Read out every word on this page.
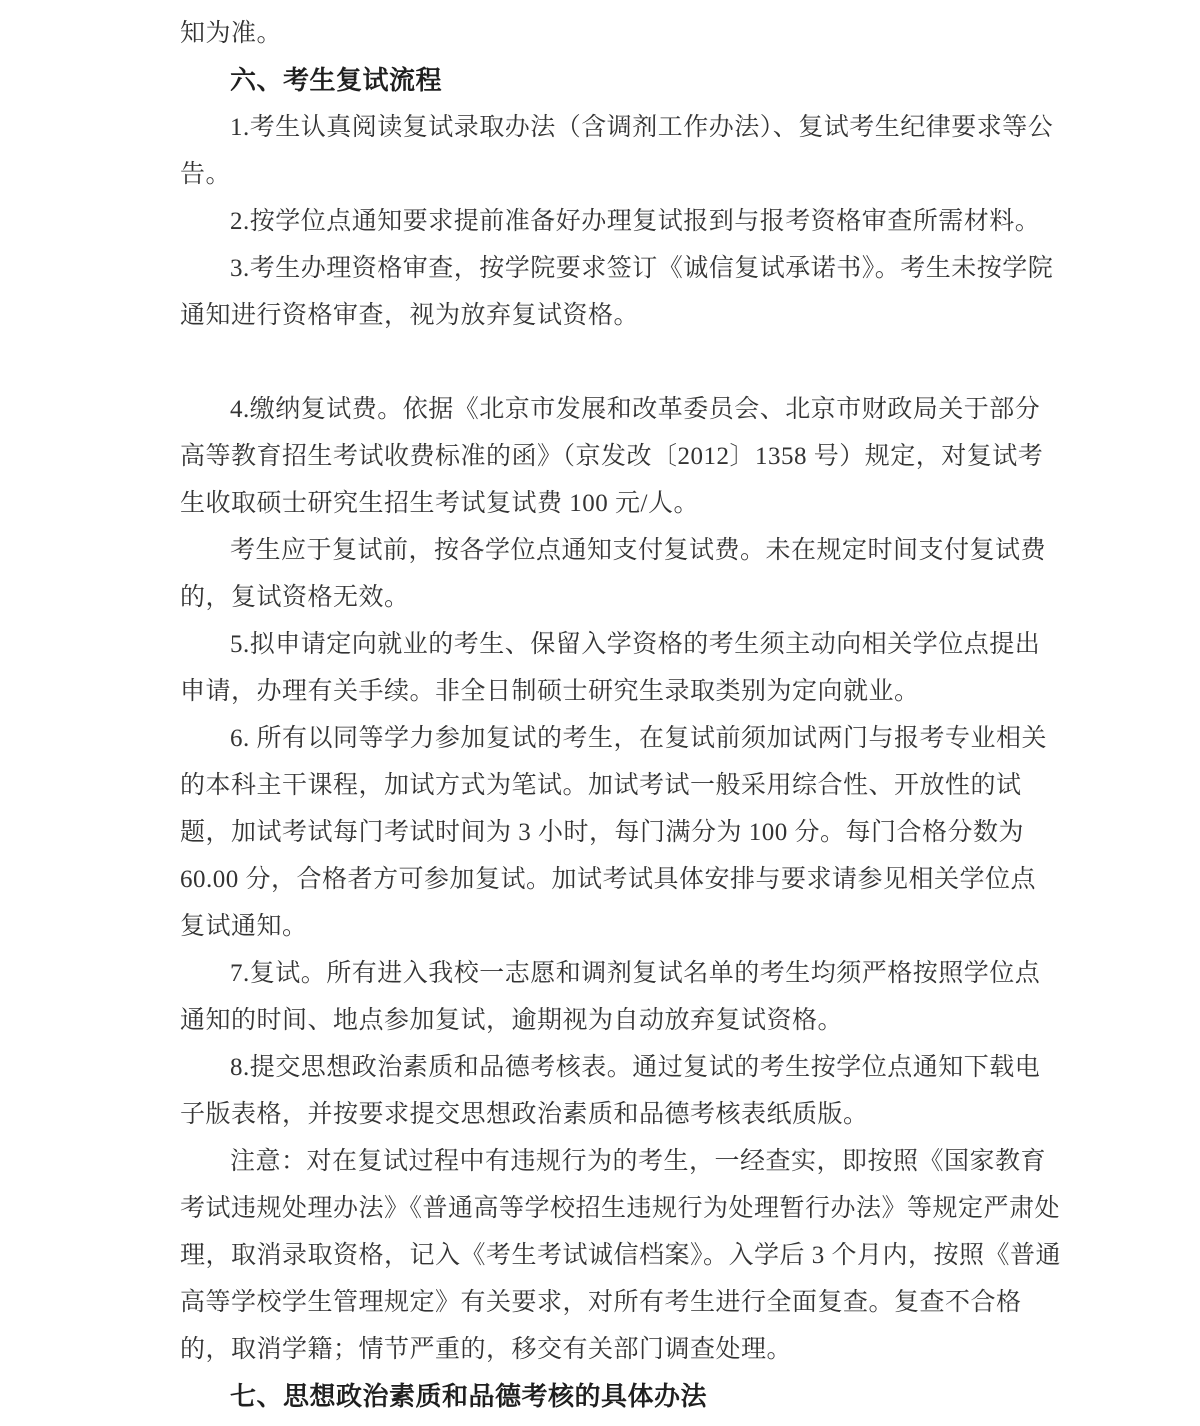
知为准。
六、考生复试流程
1.考生认真阅读复试录取办法（含调剂工作办法）、复试考生纪律要求等公
告。
2.按学位点通知要求提前准备好办理复试报到与报考资格审查所需材料。
3.考生办理资格审查，按学院要求签订《诚信复试承诺书》。考生未按学院
通知进行资格审查，视为放弃复试资格。
4.缴纳复试费。依据《北京市发展和改革委员会、北京市财政局关于部分
高等教育招生考试收费标准的函》（京发改〔2012〕1358 号）规定，对复试考
生收取硕士研究生招生考试复试费 100 元/人。
考生应于复试前，按各学位点通知支付复试费。未在规定时间支付复试费
的，复试资格无效。
5.拟申请定向就业的考生、保留入学资格的考生须主动向相关学位点提出
申请，办理有关手续。非全日制硕士研究生录取类别为定向就业。
6. 所有以同等学力参加复试的考生，在复试前须加试两门与报考专业相关
的本科主干课程，加试方式为笔试。加试考试一般采用综合性、开放性的试
题，加试考试每门考试时间为 3 小时，每门满分为 100 分。每门合格分数为
60.00 分，合格者方可参加复试。加试考试具体安排与要求请参见相关学位点
复试通知。
7.复试。所有进入我校一志愿和调剂复试名单的考生均须严格按照学位点
通知的时间、地点参加复试，逾期视为自动放弃复试资格。
8.提交思想政治素质和品德考核表。通过复试的考生按学位点通知下载电
子版表格，并按要求提交思想政治素质和品德考核表纸质版。
注意：对在复试过程中有违规行为的考生，一经查实，即按照《国家教育
考试违规处理办法》《普通高等学校招生违规行为处理暂行办法》等规定严肃处
理，取消录取资格，记入《考生考试诚信档案》。入学后 3 个月内，按照《普通
高等学校学生管理规定》有关要求，对所有考生进行全面复查。复查不合格
的，取消学籍；情节严重的，移交有关部门调查处理。
七、思想政治素质和品德考核的具体办法
